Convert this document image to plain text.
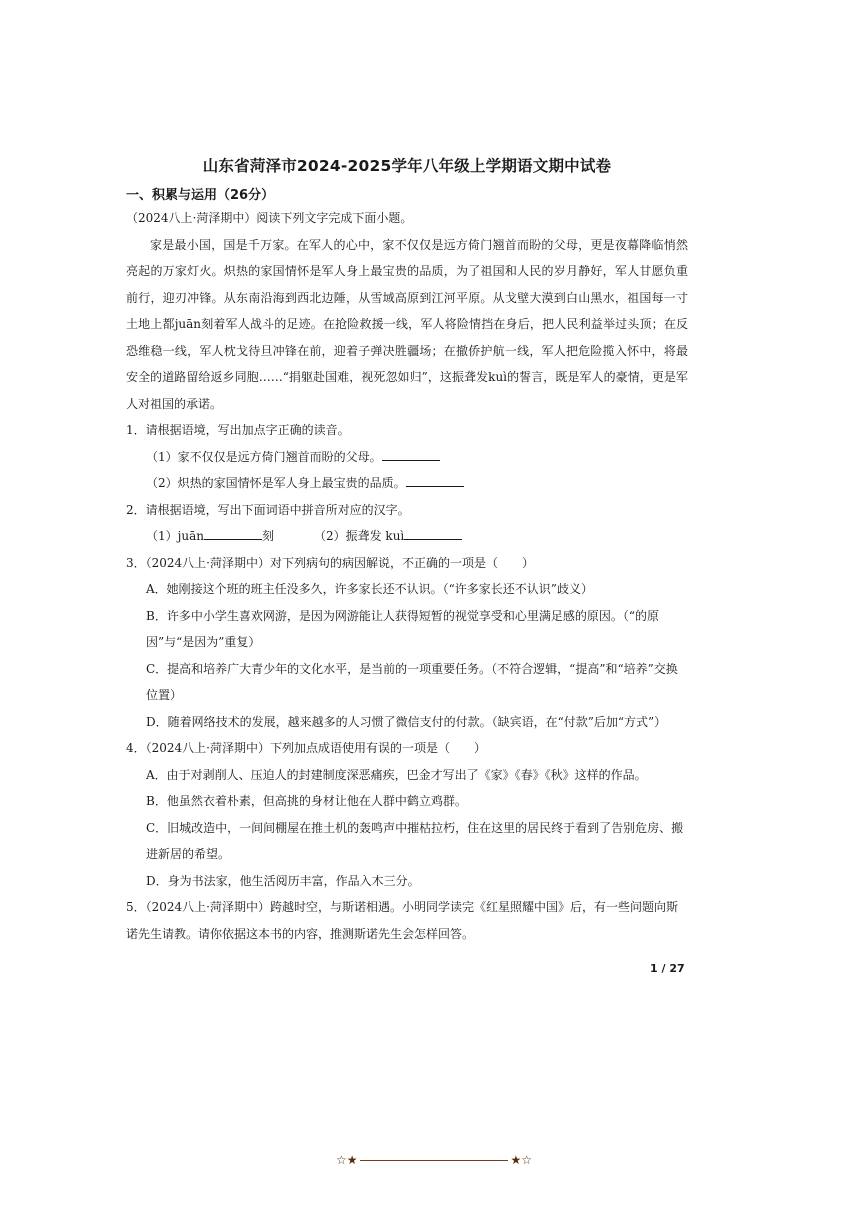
山东省菏泽市2024-2025学年八年级上学期语文期中试卷
一、积累与运用（26分）
（2024八上·菏泽期中）阅读下列文字完成下面小题。
家是最小国，国是千万家。在军人的心中，家不仅仅是远方倚门翘首而盼的父母，更是夜幕降临悄然亮起的万家灯火。炽热的家国情怀是军人身上最宝贵的品质，为了祖国和人民的岁月静好，军人甘愿负重前行，迎刃冲锋。从东南沿海到西北边陲，从雪域高原到江河平原。从戈壁大漠到白山黑水，祖国每一寸土地上都juān刻着军人战斗的足迹。在抢险救援一线，军人将险情挡在身后，把人民利益举过头顶；在反恐维稳一线，军人枕戈待旦冲锋在前，迎着子弹决胜疆场；在撤侨护航一线，军人把危险揽入怀中，将最安全的道路留给返乡同胞……“捐躯赴国难，视死忽如归”，这振聋发kuì的誓言，既是军人的豪情，更是军人对祖国的承诺。
1．请根据语境，写出加点字正确的读音。
（1）家不仅仅是远方倚门翘首而盼的父母。
（2）炽热的家国情怀是军人身上最宝贵的品质。
2．请根据语境，写出下面词语中拼音所对应的汉字。
（1）juān	刻	（2）振聋发 kuì
3．（2024八上·菏泽期中）对下列病句的病因解说，不正确的一项是（　　）
A．她刚接这个班的班主任没多久，许多家长还不认识。（“许多家长还不认识”歧义）
B．许多中小学生喜欢网游，是因为网游能让人获得短暂的视觉享受和心里满足感的原因。（“的原因”与“是因为”重复）
C．提高和培养广大青少年的文化水平，是当前的一项重要任务。（不符合逻辑，“提高”和“培养”交换位置）
D．随着网络技术的发展，越来越多的人习惯了微信支付的付款。（缺宾语，在“付款”后加“方式”）
4．（2024八上·菏泽期中）下列加点成语使用有误的一项是（　　）
A．由于对剥削人、压迫人的封建制度深恶痛疾，巴金才写出了《家》《春》《秋》这样的作品。
B．他虽然衣着朴素，但高挑的身材让他在人群中鹤立鸡群。
C．旧城改造中，一间间棚屋在推土机的轰鸣声中摧枯拉朽，住在这里的居民终于看到了告别危房、搬进新居的希望。
D．身为书法家，他生活阅历丰富，作品入木三分。
5．（2024八上·菏泽期中）跨越时空，与斯诺相遇。小明同学读完《红星照耀中国》后，有一些问题向斯诺先生请教。请你依据这本书的内容，推测斯诺先生会怎样回答。
1 / 27
☆★	★☆
